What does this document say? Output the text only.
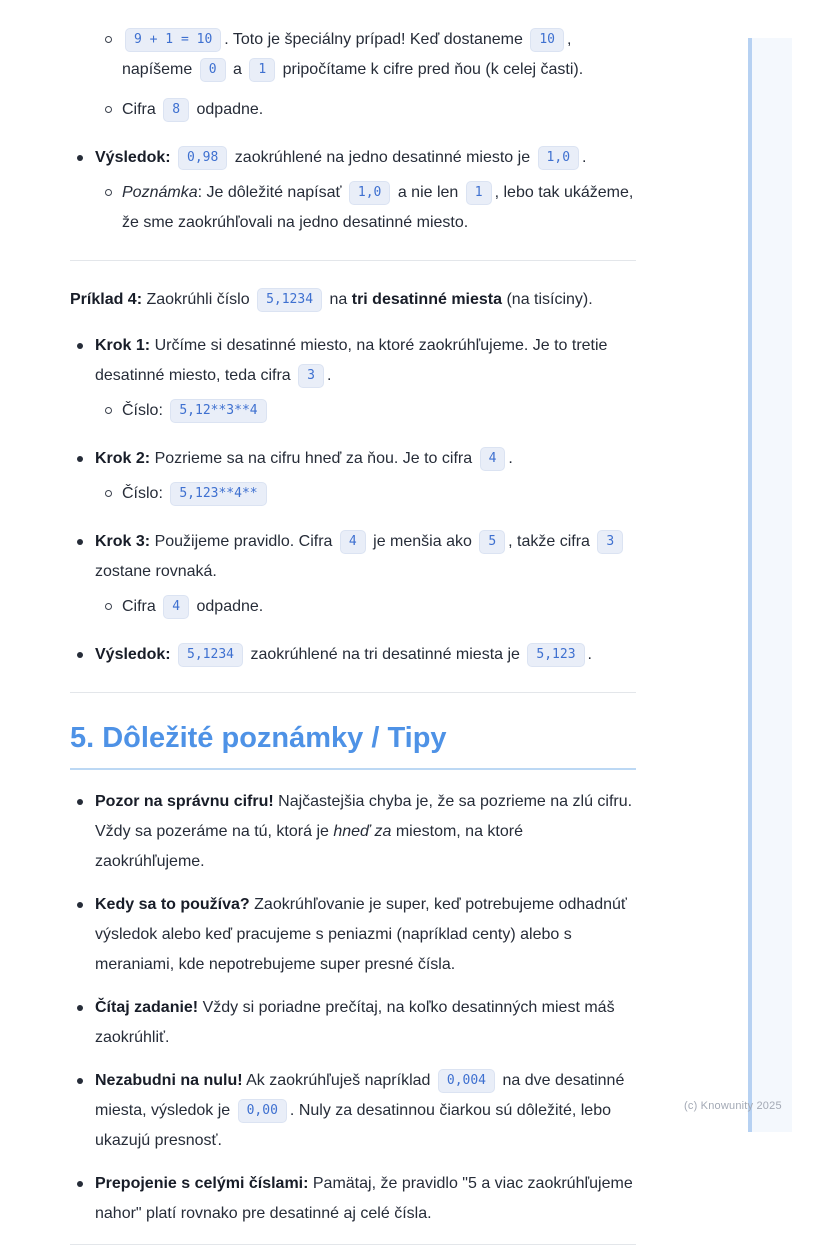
9 + 1 = 10 . Toto je špeciálny prípad! Keď dostaneme 10 , napíšeme 0 a 1 pripočítame k cifre pred ňou (k celej časti).
Cifra 8 odpadne.
Výsledok: 0,98 zaokrúhlené na jedno desatinné miesto je 1,0 .
Poznámka: Je dôležité napísať 1,0 a nie len 1 , lebo tak ukážeme, že sme zaokrúhľovali na jedno desatinné miesto.
Príklad 4: Zaokrúhli číslo 5,1234 na tri desatinné miesta (na tisíciny).
Krok 1: Určíme si desatinné miesto, na ktoré zaokrúhľujeme. Je to tretie desatinné miesto, teda cifra 3 .
Číslo: 5,12**3**4
Krok 2: Pozrieme sa na cifru hneď za ňou. Je to cifra 4 .
Číslo: 5,123**4**
Krok 3: Použijeme pravidlo. Cifra 4 je menšia ako 5 , takže cifra 3 zostane rovnaká.
Cifra 4 odpadne.
Výsledok: 5,1234 zaokrúhlené na tri desatinné miesta je 5,123 .
5. Dôležité poznámky / Tipy
Pozor na správnu cifru! Najčastejšia chyba je, že sa pozrieme na zlú cifru. Vždy sa pozeráme na tú, ktorá je hneď za miestom, na ktoré zaokrúhľujeme.
Kedy sa to používa? Zaokrúhľovanie je super, keď potrebujeme odhadnúť výsledok alebo keď pracujeme s peniazmi (napríklad centy) alebo s meraniami, kde nepotrebujeme super presné čísla.
Čítaj zadanie! Vždy si poriadne prečítaj, na koľko desatinných miest máš zaokrúhliť.
Nezabudni na nulu! Ak zaokrúhľuješ napríklad 0,004 na dve desatinné miesta, výsledok je 0,00 . Nuly za desatinnou čiarkou sú dôležité, lebo ukazujú presnosť.
Prepojenie s celými číslami: Pamätaj, že pravidlo "5 a viac zaokrúhľujeme nahor" platí rovnako pre desatinné aj celé čísla.
(c) Knowunity 2025
